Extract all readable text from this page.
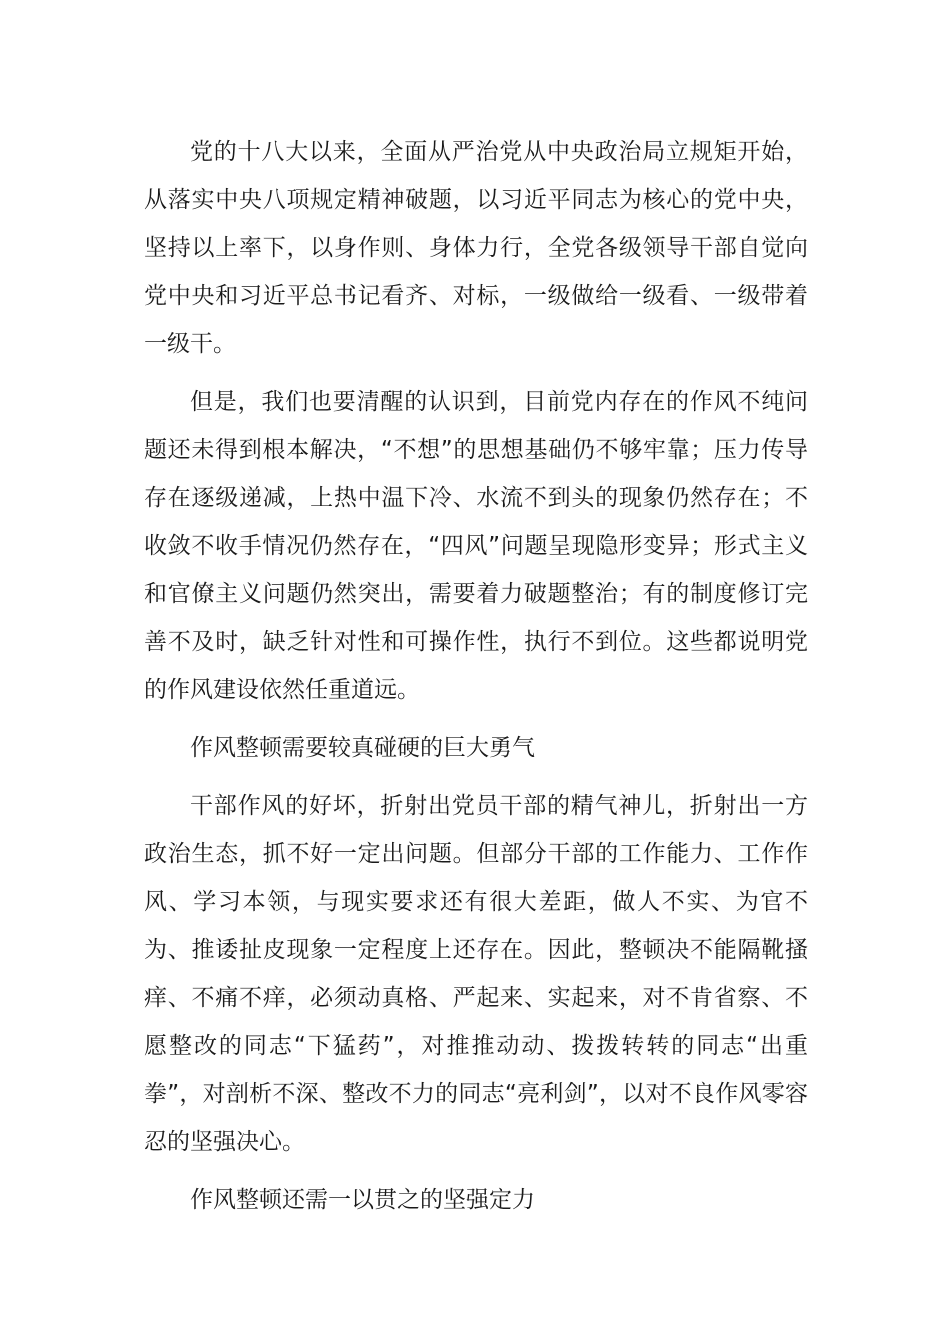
党的十八大以来，全面从严治党从中央政治局立规矩开始，从落实中央八项规定精神破题，以习近平同志为核心的党中央，坚持以上率下，以身作则、身体力行，全党各级领导干部自觉向党中央和习近平总书记看齐、对标，一级做给一级看、一级带着一级干。

但是，我们也要清醒的认识到，目前党内存在的作风不纯问题还未得到根本解决，“不想”的思想基础仍不够牢靠；压力传导存在逐级递减，上热中温下冷、水流不到头的现象仍然存在；不收敛不收手情况仍然存在，“四风”问题呈现隐形变异；形式主义和官僚主义问题仍然突出，需要着力破题整治；有的制度修订完善不及时，缺乏针对性和可操作性，执行不到位。这些都说明党的作风建设依然任重道远。

作风整顿需要较真碰硬的巨大勇气

干部作风的好坏，折射出党员干部的精气神儿，折射出一方政治生态，抓不好一定出问题。但部分干部的工作能力、工作作风、学习本领，与现实要求还有很大差距，做人不实、为官不为、推诿扯皮现象一定程度上还存在。因此，整顿决不能隔靴搔痒、不痛不痒，必须动真格、严起来、实起来，对不肯省察、不愿整改的同志“下猛药”，对推推动动、拨拨转转的同志“出重拳”，对剖析不深、整改不力的同志“亮利剑”，以对不良作风零容忍的坚强决心。

作风整顿还需一以贯之的坚强定力
